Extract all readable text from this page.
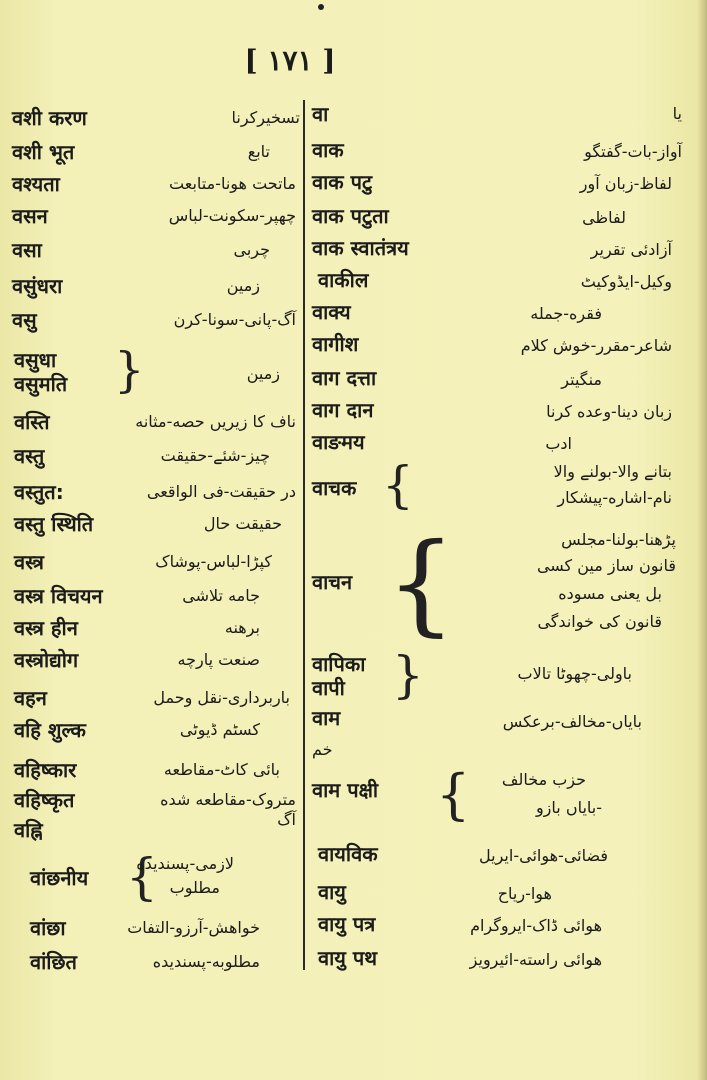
[ ۱۷۱ ]
वशी करण	تسخیرکرنا
वशी भूत	تابع
वश्यता	ماتحت هونا-متابعت
वसन	چهپر-سکونت-لباس
वसा	چربی
वसुंधरा	زمین
वसु	آگ-پانی-سونا-کرن
वसुधा
वसुमति }	زمین
वस्ति	ناف کا زیریں حصه-مثانه
वस्तु	چیز-شئے-حقیقت
वस्तुत:	در حقیقت-فی الواقعی
वस्तु स्थिति	حقیقت حال
वस्त्र	کپڑا-لباس-پوشاک
वस्त्र विचयन	جامه تلاشی
वस्त्र हीन	برهنه
वस्त्रोद्योग	صنعت پارچه
वहन	باربرداری-نقل وحمل
वहि शुल्क	کسٹم ڈیوٹی
वहिष्कार	بائی کاٹ-مقاطعه
वहिष्कृत	متروک-مقاطعه شده
वह्नि	آگ
वांछनीय {
لازمی-پسندیده
مطلوب
वांछा	خواهش-آرزو-التفات
वांछित	مطلوبه-پسندیده
वा	یا
वाक	آواز-بات-گفتگو
वाक पटु	لفاظ-زبان آور
वाक पटुता	لفاظی
वाक स्वातंत्रय	آزادئی تقریر
वाकील	وکیل-ایڈوکیٹ
वाक्य	فقره-جمله
वागीश	شاعر-مقرر-خوش کلام
वाग दत्ता	منگیتر
वाग दान	زبان دینا-وعده کرنا
वाङमय	ادب
वाचक {	بتانے والا-بولنے والا
نام-اشاره-پیشکار
वाचन {	پڑهنا-بولنا-مجلس
قانون ساز مین کسی
بل یعنی مسوده
قانون کی خواندگی
वापिका
वापी }	باولی-چهوٹا تالاب
वाम	بایاں-مخالف-برعکس
خم
वाम पक्षी {	حزب مخالف
-بایاں بازو
वायविक	فضائی-هوائی-ایریل
वायु	هوا-ریاح
वायु पत्र	هوائی ڈاک-ایروگرام
वायु पथ	هوائی راسته-ائیرویز
